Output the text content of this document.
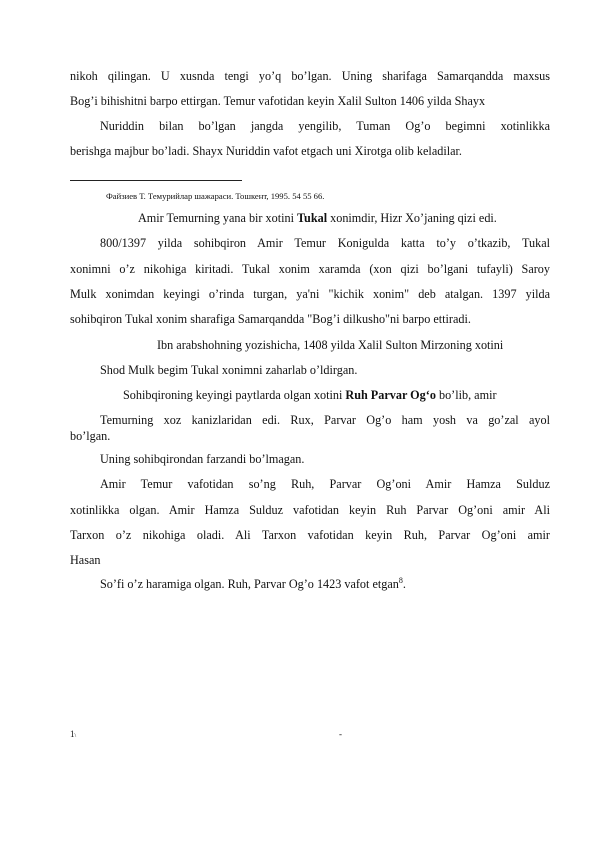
nikoh qilingan. U xusnda tengi yo’q bo’lgan. Uning sharifaga Samarqandda maxsus
Bog’i bihishitni barpo ettirgan. Temur vafotidan keyin Xalil Sulton 1406 yilda Shayx
Nuriddin bilan bo’lgan jangda yengilib, Tuman Og’o begimni xotinlikka
berishga majbur bo’ladi. Shayx Nuriddin vafot etgach uni Xirotga olib keladilar.
Файзиев Т. Темурийлар шажараси. Тошкент, 1995. 54 55 66.
Amir Temurning yana bir xotini Tukal xonimdir, Hizr Xo’janing qizi edi.
800/1397 yilda sohibqiron Amir Temur Konigulda katta to’y o’tkazib, Tukal
xonimni o’z nikohiga kiritadi. Tukal xonim xaramda (xon qizi bo’lgani tufayli) Saroy
Mulk xonimdan keyingi o’rinda turgan, ya'ni "kichik xonim" deb atalgan. 1397 yilda
sohibqiron Tukal xonim sharafiga Samarqandda "Bog’i dilkusho"ni barpo ettiradi.
Ibn arabshohning yozishicha, 1408 yilda Xalil Sulton Mirzoning xotini
Shod Mulk begim Tukal xonimni zaharlab o’ldirgan.
Sohibqironing keyingi paytlarda olgan xotini Ruh Parvar Og‘o bo’lib, amir
Temurning xoz kanizlaridan edi. Rux, Parvar Og’o ham yosh va go’zal ayol
bo’lgan.
Uning sohibqirondan farzandi bo’lmagan.
Amir Temur vafotidan so’ng Ruh, Parvar Og’oni Amir Hamza Sulduz
xotinlikka olgan. Amir Hamza Sulduz vafotidan keyin Ruh Parvar Og’oni amir Ali
Tarxon o’z nikohiga oladi. Ali Tarxon vafotidan keyin Ruh, Parvar Og’oni amir
Hasan
So’fi o’z haramiga olgan. Ruh, Parvar Og’o 1423 vafot etgan$^8$.
1\	-
